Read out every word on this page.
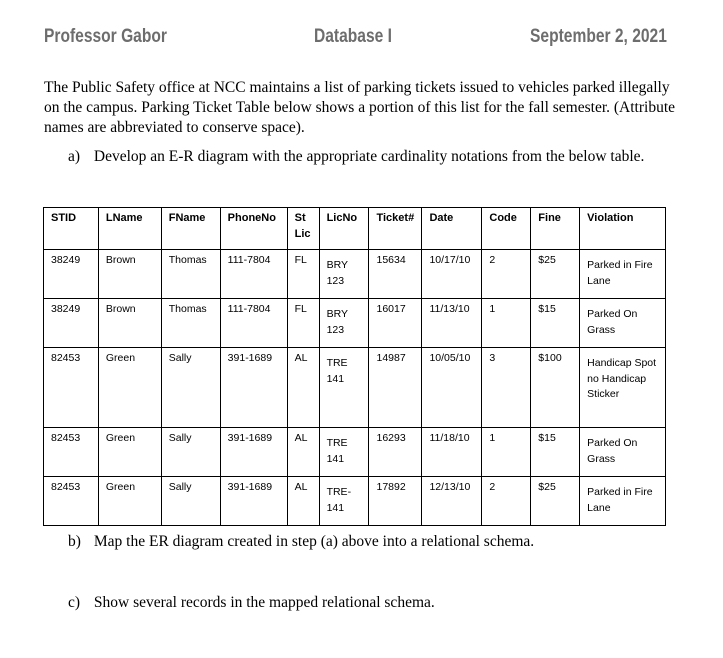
Professor Gabor	Database I	September 2, 2021
The Public Safety office at NCC maintains a list of parking tickets issued to vehicles parked illegally on the campus. Parking Ticket Table below shows a portion of this list for the fall semester. (Attribute names are abbreviated to conserve space).
a) Develop an E-R diagram with the appropriate cardinality notations from the below table.
STID	LName	FName	PhoneNo	St Lic	LicNo	Ticket#	Date	Code	Fine	Violation
38249	Brown	Thomas	111-7804	FL	BRY 123	15634	10/17/10	2	$25	Parked in Fire Lane
38249	Brown	Thomas	111-7804	FL	BRY 123	16017	11/13/10	1	$15	Parked On Grass
82453	Green	Sally	391-1689	AL	TRE 141	14987	10/05/10	3	$100	Handicap Spot no Handicap Sticker
82453	Green	Sally	391-1689	AL	TRE 141	16293	11/18/10	1	$15	Parked On Grass
82453	Green	Sally	391-1689	AL	TRE- 141	17892	12/13/10	2	$25	Parked in Fire Lane
b) Map the ER diagram created in step (a) above into a relational schema.
c) Show several records in the mapped relational schema.
